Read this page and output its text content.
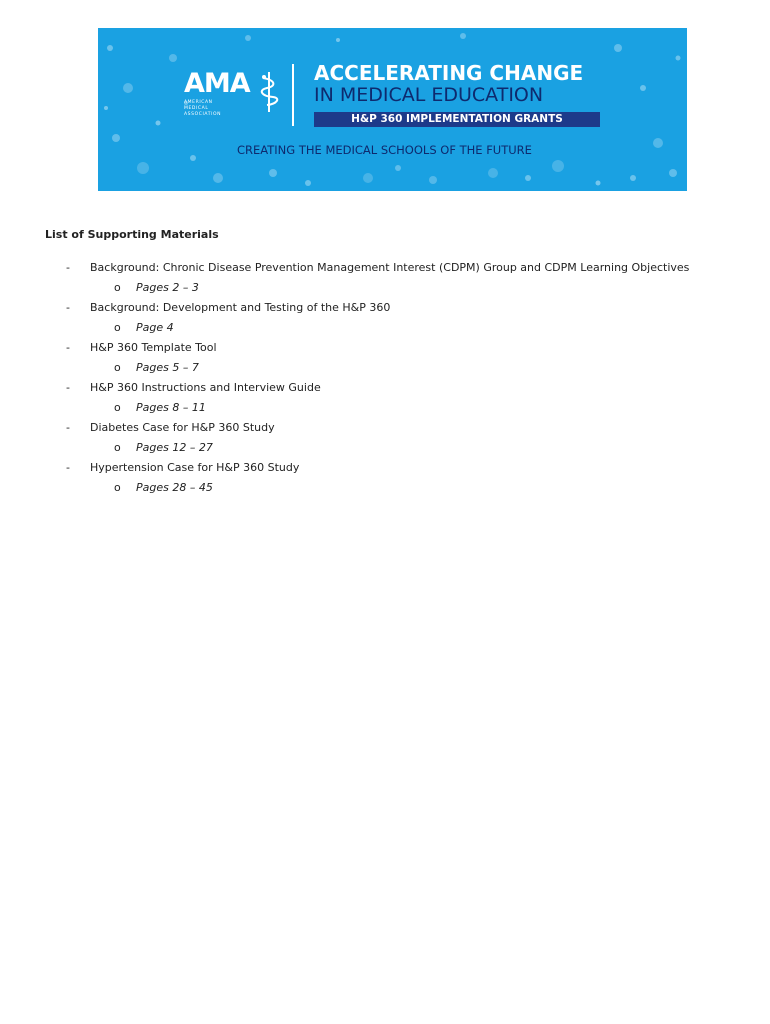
AMA
AMERICAN MEDICAL ASSOCIATION
ACCELERATING CHANGE
IN MEDICAL EDUCATION
H&P 360 IMPLEMENTATION GRANTS
CREATING THE MEDICAL SCHOOLS OF THE FUTURE
List of Supporting Materials
- Background: Chronic Disease Prevention Management Interest (CDPM) Group and CDPM Learning Objectives
o Pages 2 – 3
- Background: Development and Testing of the H&P 360
o Page 4
- H&P 360 Template Tool
o Pages 5 – 7
- H&P 360 Instructions and Interview Guide
o Pages 8 – 11
- Diabetes Case for H&P 360 Study
o Pages 12 – 27
- Hypertension Case for H&P 360 Study
o Pages 28 – 45
